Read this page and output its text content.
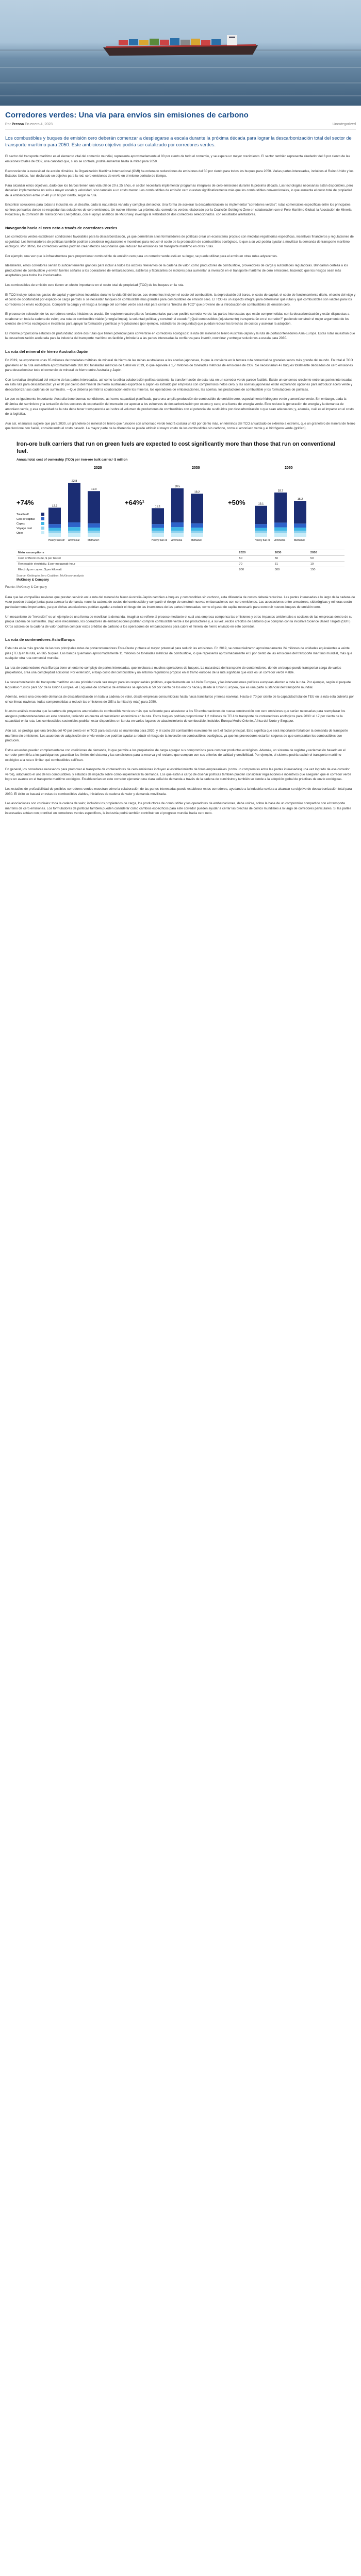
Corredores verdes: Una vía para envíos sin emisiones de carbono
Por Prensa En enero 4, 2023	Uncategorized

Los combustibles y buques de emisión cero deberán comenzar a desplegarse a escala durante la próxima década para lograr la descarbonización total del sector de transporte marítimo para 2050. Este ambicioso objetivo podría ser catalizado por corredores verdes.

El sector del transporte marítimo es el elemento vital del comercio mundial, representa aproximadamente el 80 por ciento de todo el comercio, y se espera un mayor crecimiento. El sector también representa alrededor del 3 por ciento de las emisiones totales de CO2, una cantidad que, si no se controla, podría aumentar hasta la mitad para 2050.

Reconociendo la necesidad de acción climática, la Organización Marítima Internacional (OMI) ha ordenado reducciones de emisiones del 50 por ciento para todos los buques para 2050. Varias partes interesadas, incluidos el Reino Unido y los Estados Unidos, han declarado un objetivo para la red, cero emisiones de envío en el mismo período de tiempo.

Para alcanzar estos objetivos, dado que los barcos tienen una vida útil de 20 a 25 años, el sector necesitará implementar programas integrales de cero emisiones durante la próxima década. Las tecnologías necesarias están disponibles, pero deberían implementarse no solo a mayor escala y velocidad, sino también a un costo menor. Los combustibles de emisión cero cuestan significativamente más que los combustibles convencionales, lo que aumenta el costo total de propiedad de la embarcación entre un 40 y un 60 por ciento, según la ruta.

Encontrar soluciones para todas la industria es un desafío, dada la naturaleza variada y compleja del sector. Una forma de acelerar la descarbonización es implementar "corredores verdes": rutas comerciales específicas entre los principales centros portuarios donde se respaldan las soluciones de cero emisiones. Un nuevo informe, La próxima ola: corredores verdes, elaborado por la Coalición Getting to Zero en colaboración con el Foro Marítimo Global, la Asociación de Minería Proactiva y la Comisión de Transiciones Energéticas, con el apoyo analítico de McKinsey, investiga la viabilidad de dos corredores seleccionados. con resultados alentadores.

Navegando hacia el cero neto a través de corredores verdes

Los corredores verdes establecen condiciones favorables para la descarbonización, ya que permitirían a los formuladores de políticas crear un ecosistema propicio con medidas regulatorias específicas, incentivos financieros y regulaciones de seguridad. Los formuladores de políticas también podrían considerar regulaciones e incentivos para reducir el costo de la producción de combustibles ecológicos, lo que a su vez podría ayudar a movilizar la demanda de transporte marítimo ecológico. Por último, los corredores verdes podrían crear efectos secundarios que reducen las emisiones del transporte marítimo en otras rutas.

Por ejemplo, una vez que la infraestructura para proporcionar combustible de emisión cero para un corredor verde está en su lugar, se puede utilizar para el envío en otras rutas adyacentes.

Idealmente, estos corredores serían lo suficientemente grandes para incluir a todos los actores relevantes de la cadena de valor, como productores de combustible, proveedores de carga y autoridades reguladoras. Brindarían certeza a los productores de combustible y envían fuertes señales a los operadores de embarcaciones, astilleros y fabricantes de motores para aumentar la inversión en el transporte marítimo de cero emisiones, haciendo que los riesgos sean más aceptables para todos los involucrados.

Los combustibles de emisión cero tienen un efecto importante en el costo total de propiedad (TCO) de los buques en la ruta.

El TCO incluye todos los gastos de capital y operativos incurridos durante la vida útil del barco. Los elementos incluyen el costo del combustible, la depreciación del barco, el costo de capital, el costo de funcionamiento diario, el costo del viaje y el costo de oportunidad por espacio de carga perdido si se necesitan tanques de combustible más grandes para combustibles de emisión cero. El TCO es un aspecto integral para determinar qué rutas y qué combustibles son viables para los corredores de envío ecológicos. Compartir la carga y el riesgo a lo largo del corredor verde será vital para cerrar la "brecha de TCO" que proviene de la introducción de combustibles de emisión cero.

El proceso de selección de los corredores verdes iniciales es crucial. Se requieren cuatro pilares fundamentales para un posible corredor verde: las partes interesadas que están comprometidas con la descarbonización y están dispuestas a colaborar en toda la cadena de valor; una ruta de combustible viable (energía limpia); la voluntad política; y construir el escudo "¿Qué combustibles (injustamente) transportarán en el corredor?" pudiendo construir el mejor argumento de los clientes de envíos ecológicos e iniciativas para apoyar la formación y políticas y regulaciones (por ejemplo, estándares de seguridad) que puedan reducir los brechas de costos y acelerar la adopción.

El informe proporciona estudios de profundidad sobre dos rutas que tienen potencial para convertirse en corredores ecológicos: la ruta del mineral de hierro Australia-Japón y la ruta de portacontenedores Asia-Europa. Estas rutas muestran que la descarbonización acelerada para la industria del transporte marítimo es factible y brindaría a las partes interesadas la confianza para invertir, coordinar y entregar soluciones a escala para 2030.

La ruta del mineral de hierro Australia-Japón

En 2019, se exportaron unas 65 millones de toneladas métricas de mineral de hierro de las minas australianas a las acerías japonesas, lo que la convierte en la tercera ruta comercial de graneles secos más grande del mundo. En total el TCO granelero en la ruta aumentará aproximadamente 260.000 toneladas métricas de fuelóil en 2019, lo que equivale a 1,7 millones de toneladas métricas de emisiones de CO2. Se necesitarían 47 buques totalmente dedicados de cero emisiones para descarbonizar todo el comercio de mineral de hierro entre Australia y Japón.

Con la relativa simplicidad del entorno de las partes interesadas, así como la sólida colaboración política existente, la transformación de esta ruta en un corredor verde parece factible. Existe un consenso creciente entre las partes interesadas en esta ruta para descarbonizar: ya el 90 por ciento del mineral de hierro australiano exportado a Japón es extraído por empresas con compromisos netos cero, y las acerías japonesas están explorando opciones para introducir acero verde y descarbonizar sus cadenas de suministro. —Que debería permitir la colaboración entre los mineros, los operadores de embarcaciones, las acerías, los productores de combustible y los formuladores de políticas.

Lo que es igualmente importante, Australia tiene buenas condiciones, así como capacidad planificada, para una amplia producción de combustible de emisión cero, especialmente hidrógeno verde y amoníaco verde. Sin embargo, dada la dinámica del suministro y la tentación de los sectores de exportación del mercado por apostar a los esfuerzos de descarbonización por exceso y caro; una fuente de energía verde. Esto reduce la generación de energía y la demanda de amoníaco verde, y esa capacidad de la ruta debe tener transparencia así sobre el volumen de productores de combustibles con el potencial de sustituirlos por descarbonización o que sean adecuados; y, además, cuál es el impacto en el costo de la logística.

Aun así, el análisis sugiere que para 2030, un granelero de mineral de hierro que funcione con amoníaco verde tendrá costará un 63 por ciento más, en términos del TCO anualizado de extremo a extremo, que un granelero de mineral de hierro que funcione con fuelóil, considerando el costo pasado. La mayor parte de la diferencia se puede atribuir al mayor costo de los combustibles sin carbono, como el amoníaco verde y el hidrógeno verde (gráfico).

Iron-ore bulk carriers that run on green fuels are expected to cost significantly more than those that run on conventional fuel.
Annual total cost of ownership (TCO) per iron-ore bulk carrier,¹ $ million
2020	2030	2050
+74%	+64%¹	+50%
Total fuel²
Cost of capital
Capex
Voyage cost
Opex
12.3
22.8
19.3
12.1
20.5
18.2
13.1
18.7
15.2
Heavy fuel oil³ Ammonia⁴	Methanol⁵	Heavy fuel oil Ammonia	Methanol	Heavy fuel oil Ammonia	Methanol
Main assumptions	2020	2030	2050
Cost of Brent crude, $ per barrel	50	50	50
Renewable electricity, $ per megawatt-hour	70	31	19
Electrolyzer capex, $ per kilowatt	800	300	150
Source: Getting to Zero Coalition, McKinsey analysis
McKinsey & Company
Fuente: McKinsey & Company

Para que las compañías navieras que prestan servicio en la ruta del mineral de hierro Australia-Japón cambien a buques y combustibles sin carbono, esta diferencia de costos deberá reducirse. Las partes interesadas a lo largo de la cadena de valor pueden trabajar juntas para acercar la demanda, reunir la cadena de costos del combustible y compartir el riesgo de construir nuevas embarcaciones con cero emisiones. Las asociaciones entre armadores, siderúrgicas y mineras serán particularmente importantes, ya que dichas asociaciones podrían ayudar a reducir el riesgo de las inversiones de las partes interesadas, como el gasto de capital necesario para construir nuevos buques de emisión cero.

Un mecanismo de "inversión" es un ejemplo de una forma de movilizar la demanda. Imaginar se refiere al proceso mediante el cual una empresa compensa las emisiones y otros impactos ambientales o sociales de las empresas dentro de su propia cadena de suministro. Bajo este mecanismo, los operadores de embarcaciones podrían comprar combustible verde a los productores y, a su vez, recibir créditos de carbono que compran con la iniciativa Science Based Targets (SBTi). Otros actores de la cadena de valor podrían comprar estos créditos de carbono a los operadores de embarcaciones para cubrir el mineral de hierro enviado en este corredor.

La ruta de contenedores Asia-Europa

Esta ruta es la más grande de las tres principales rutas de portacontenedores Este-Oeste y ofrece el mayor potencial para reducir las emisiones. En 2019, se comercializaron aproximadamente 24 millones de unidades equivalentes a veinte pies (TEU) en la ruta, en 365 buques. Las barcos quemaron aproximadamente 11 millones de toneladas métricas de combustible, lo que representa aproximadamente el 3 por ciento de las emisiones del transporte marítimo mundial, más que cualquier otra ruta comercial mundial.

La ruta de contenedores Asia-Europa tiene un entorno complejo de partes interesadas, que involucra a muchos operadores de buques. La naturaleza del transporte de contenedores, donde un buque puede transportar carga de varios propietarios, crea una complejidad adicional. Por extensión, el bajo costo del combustible y un entorno regulatorio propicio en el tramo europeo de la ruta significan que este es un corredor verde viable.

La descarbonización del transporte marítimo es una prioridad cada vez mayor para los responsables políticos, especialmente en la Unión Europea, y las intervenciones políticas europeas afectan a toda la ruta. Por ejemplo, según el paquete legislativo "Listos para 55" de la Unión Europea, el Esquema de comercio de emisiones se aplicará al 50 por ciento de los envíos hacia y desde la Unión Europea, que es una parte sustancial del transporte mundial.

Además, existe una creciente demanda de descarbonización en toda la cadena de valor, desde empresas consumidoras hasta hacia transitarios y líneas navieras. Hasta el 70 por ciento de la capacidad total de TEU en la ruta está cubierta por cinco líneas navieras, todas comprometidas a reducir las emisiones de GEI a la mitad (o más) para 2050.

Nuestro análisis muestra que la cartera de proyectos anunciados de combustible verde es más que suficiente para abastecer a los 50 embarcaciones de nueva construcción con cero emisiones que serían necesarias para reemplazar los antiguos portacontenedores en este corredor, teniendo en cuenta el crecimiento económico en la ruta. Estos buques podrían proporcionar 1,2 millones de TEU de transporte de contenedores ecológicos para 2030: el 17 por ciento de la capacidad en la ruta. Los combustibles sostenibles podrían estar disponibles en la ruta en varios lugares de abastecimiento de combustible, incluidos Europa Medio Oriente, Africa del Norte y Singapur.

Aún así, se prediga que una brecha del 40 por ciento en el TCO para esta ruta se mantendrá para 2030, y el costo del combustible nuevamente será el factor principal. Esto significa que será importante fortalecer la demanda de transporte marítimo sin emisiones. Los acuerdos de adquisición de envío verde que podrían ayudar a reducir el riesgo de la inversión en combustibles ecológicos, ya que los proveedores estarían seguros de que comprarían los combustibles que producen.

Estos acuerdos pueden complementarse con coaliciones de demanda, lo que permite a los propietarios de carga agregar sus compromisos para comprar productos ecológicos. Además, un sistema de registro y reclamación basado en el corredor permitiría a los participantes garantizar los límites del sistema y las condiciones para la reserva y el reclamo que cumplan con sus criterios de calidad y credibilidad. Por ejemplo, el sistema podría excluir el transporte marítimo ecológico a la ruta o limitar qué combustibles califican.

En general, los corredores necesarios para promover el transporte de contenedores de cero emisiones incluyen el establecimiento de foros empresariales (como un compromiso entre las partes interesadas) una vez logrado de ese corredor verde), adoptando el uso de los combustibles, y estudios de impacto sobre cómo implementar la demanda. Los que están a cargo de diseñar políticas también pueden considerar regulaciones e incentivos que aseguren que el corredor verde logre un avance en el transporte marítimo ecológico. Establecerían en este corredor ejercerán una clara señal de demanda a través de la cadena de suministro y también se tiende a la adopción global de prácticas de envío ecológicas.

Los estudios de prefactibilidad de posibles corredores verdes muestran cómo la colaboración de las partes interesadas puede establecer estos corredores, ayudando a la industria naviera a alcanzar su objetivo de descarbonización total para 2050. El éxito se basará en rutas de combustibles viables, iniciativas de cadena de valor y demanda movilizada.

Las asociaciones son cruciales: toda la cadena de valor, incluidos los propietarios de carga, los productores de combustible y los operadores de embarcaciones, debe unirse, sobre la base de un compromiso compartido con el transporte marítimo de cero emisiones. Los formuladores de políticas también pueden considerar cómo cambios específicos para este corredor pueden ayudar a cerrar las brechas de costos mundiales a lo largo de corredores particulares. Si las partes interesadas actúan con prontitud en corredores verdes específicos, la industria podrá también contribuir en el progreso mundial hacia cero neto.
